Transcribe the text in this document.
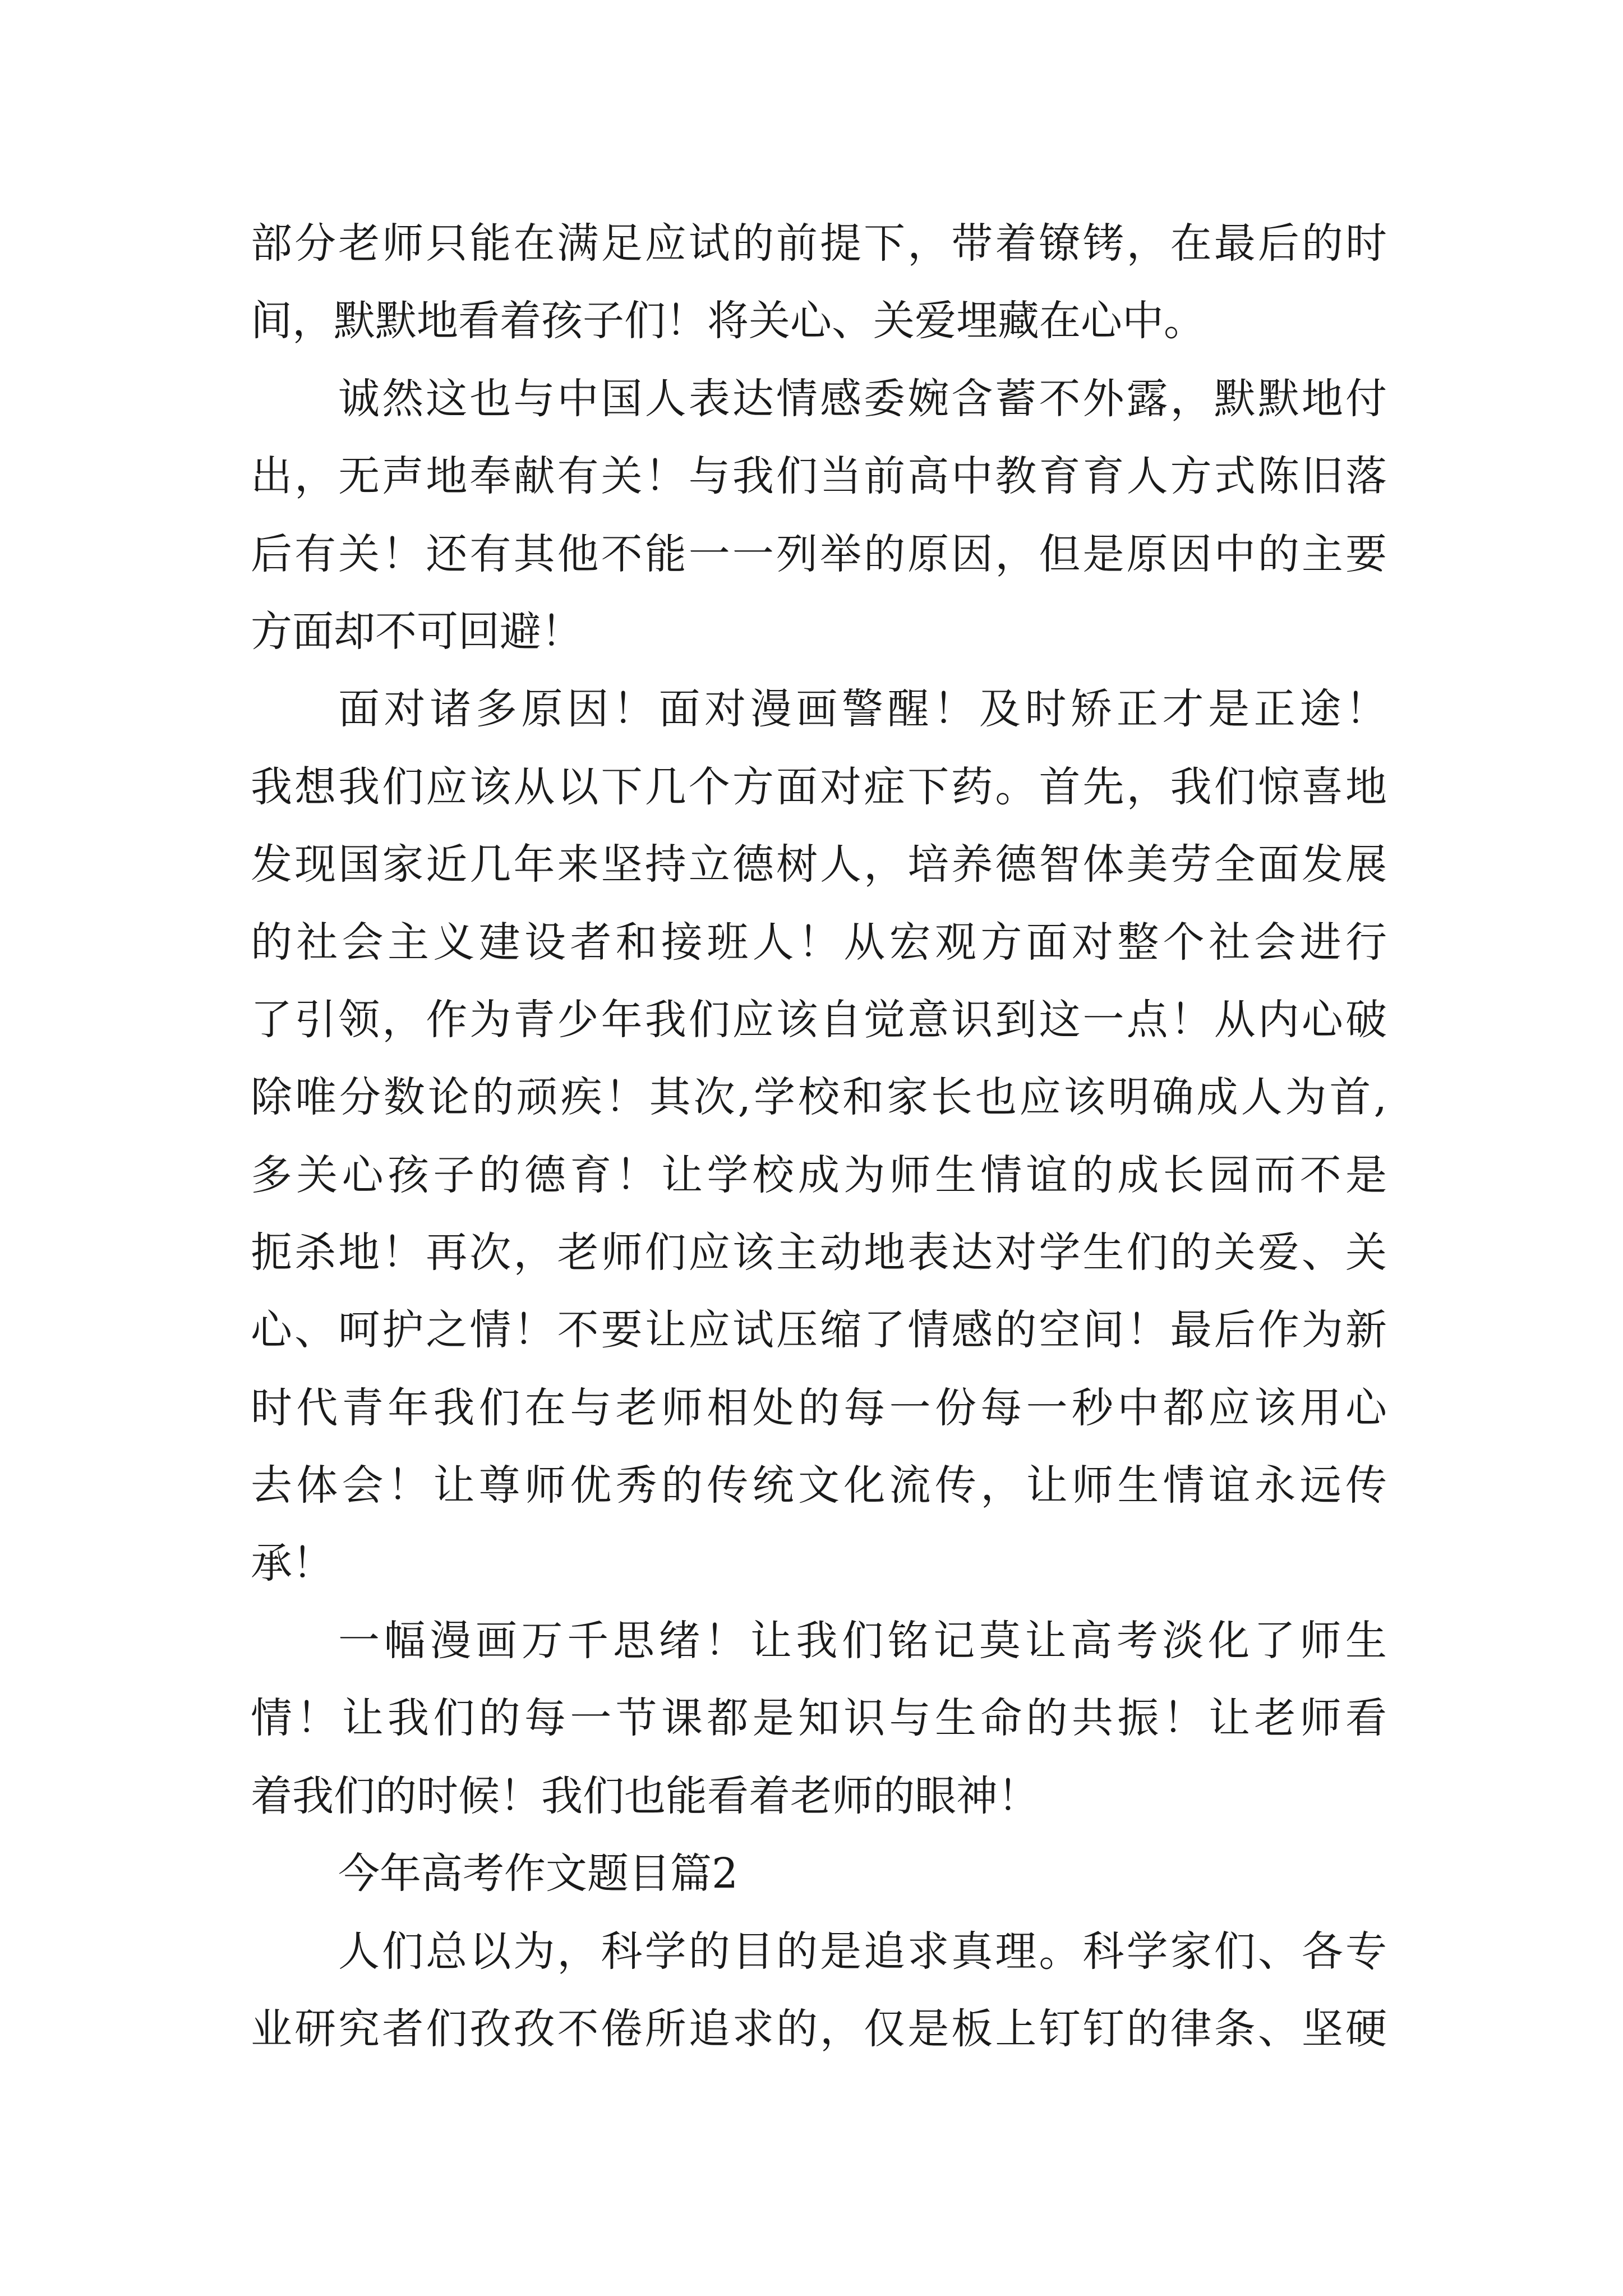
部分老师只能在满足应试的前提下，带着镣铐，在最后的时
间，默默地看着孩子们！将关心、关爱埋藏在心中。
诚然这也与中国人表达情感委婉含蓄不外露，默默地付
出，无声地奉献有关！与我们当前高中教育育人方式陈旧落
后有关！还有其他不能一一列举的原因，但是原因中的主要
方面却不可回避！
面对诸多原因！面对漫画警醒！及时矫正才是正途！
我想我们应该从以下几个方面对症下药。首先，我们惊喜地
发现国家近几年来坚持立德树人，培养德智体美劳全面发展
的社会主义建设者和接班人！从宏观方面对整个社会进行
了引领，作为青少年我们应该自觉意识到这一点！从内心破
除唯分数论的顽疾！其次,学校和家长也应该明确成人为首,
多关心孩子的德育！让学校成为师生情谊的成长园而不是
扼杀地！再次，老师们应该主动地表达对学生们的关爱、关
心、呵护之情！不要让应试压缩了情感的空间！最后作为新
时代青年我们在与老师相处的每一份每一秒中都应该用心
去体会！让尊师优秀的传统文化流传，让师生情谊永远传
承！
一幅漫画万千思绪！让我们铭记莫让高考淡化了师生
情！让我们的每一节课都是知识与生命的共振！让老师看
着我们的时候！我们也能看着老师的眼神！
今年高考作文题目篇2
人们总以为，科学的目的是追求真理。科学家们、各专
业研究者们孜孜不倦所追求的，仅是板上钉钉的律条、坚硬
